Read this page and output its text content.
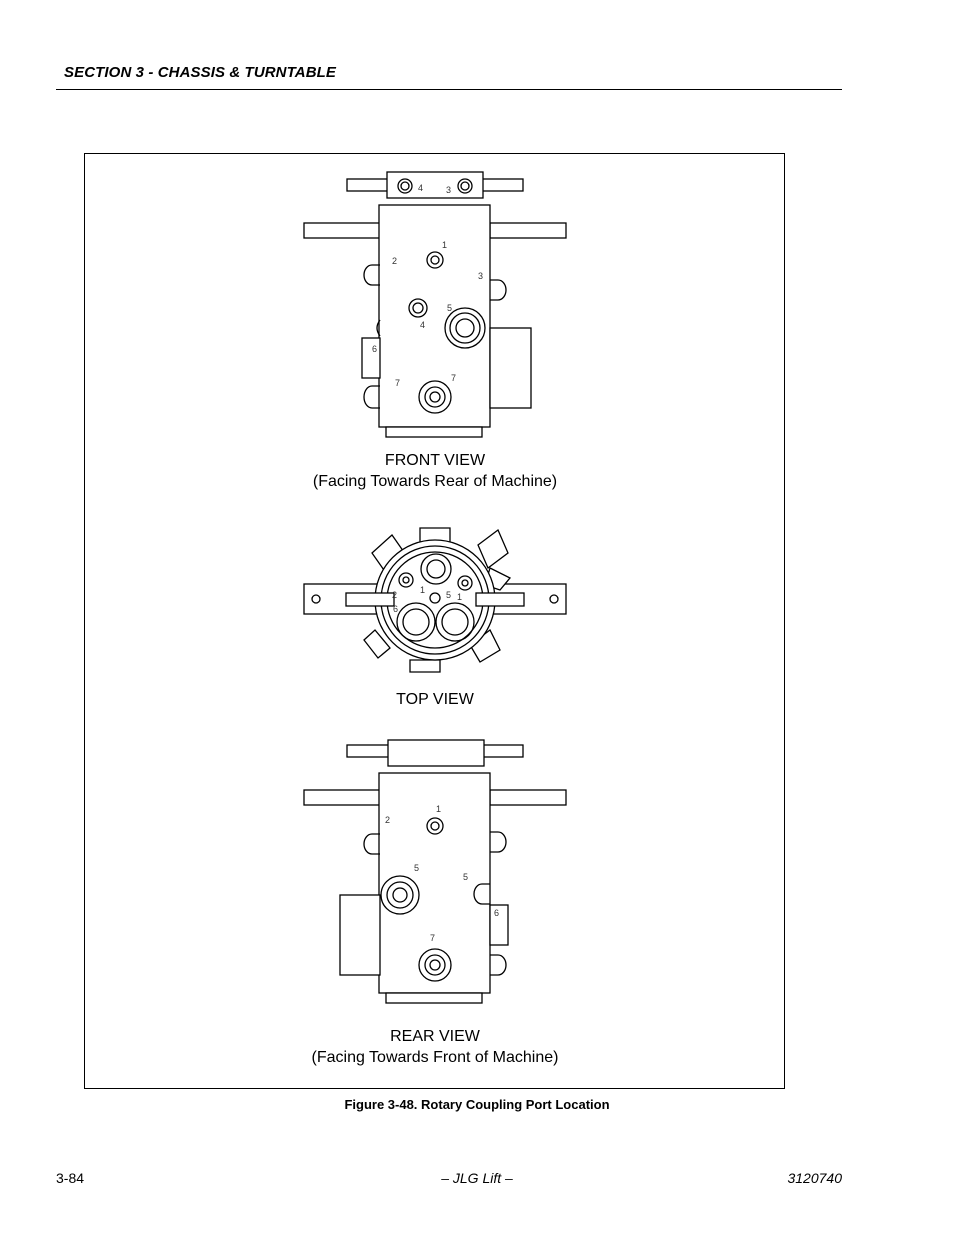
SECTION 3 - CHASSIS & TURNTABLE
4	3
1
2
3
5
4
6
7	7
2
6
1 5 1
1
2
5
5
6
7
FRONT VIEW
(Facing Towards Rear of Machine)
TOP VIEW
REAR VIEW
(Facing Towards Front of Machine)
Figure 3-48. Rotary Coupling Port Location
3-84	– JLG Lift –	3120740
